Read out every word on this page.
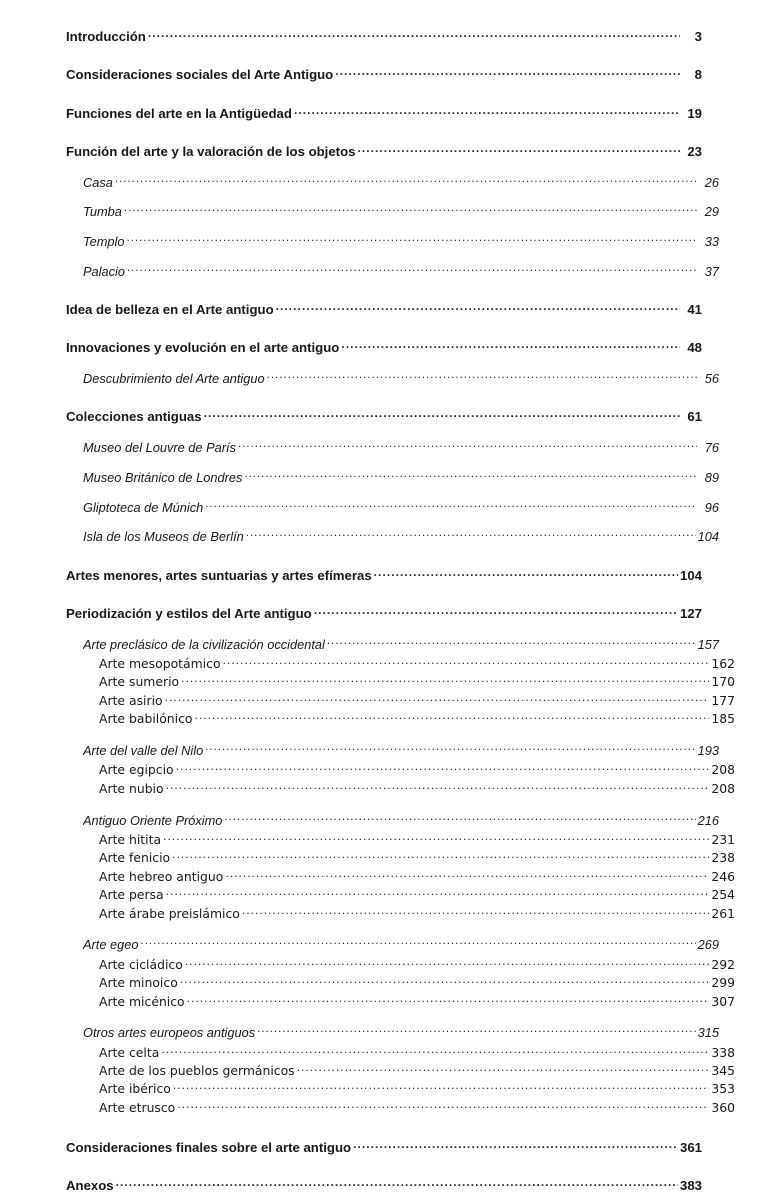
Introducción .....	3
Consideraciones sociales del Arte Antiguo .....	8
Funciones del arte en la Antigüedad .....	19
Función del arte y la valoración de los objetos .....	23
Casa .....	26
Tumba .....	29
Templo .....	33
Palacio .....	37
Idea de belleza en el Arte antiguo .....	41
Innovaciones y evolución en el arte antiguo .....	48
Descubrimiento del Arte antiguo .....	56
Colecciones antiguas .....	61
Museo del Louvre de París .....	76
Museo Británico de Londres .....	89
Gliptoteca de Múnich .....	96
Isla de los Museos de Berlín .....	104
Artes menores, artes suntuarias y artes efímeras .....	104
Periodización y estilos del Arte antiguo .....	127
Arte preclásico de la civilización occidental .....	157
Arte mesopotámico .....	162
Arte sumerio .....	170
Arte asirio .....	177
Arte babilónico .....	185
Arte del valle del Nilo .....	193
Arte egipcio .....	208
Arte nubio .....	208
Antiguo Oriente Próximo .....	216
Arte hitita .....	231
Arte fenicio .....	238
Arte hebreo antiguo .....	246
Arte persa .....	254
Arte árabe preislámico .....	261
Arte egeo .....	269
Arte cicládico .....	292
Arte minoico .....	299
Arte micénico .....	307
Otros artes europeos antiguos .....	315
Arte celta .....	338
Arte de los pueblos germánicos .....	345
Arte ibérico .....	353
Arte etrusco .....	360
Consideraciones finales sobre el arte antiguo .....	361
Anexos .....	383
